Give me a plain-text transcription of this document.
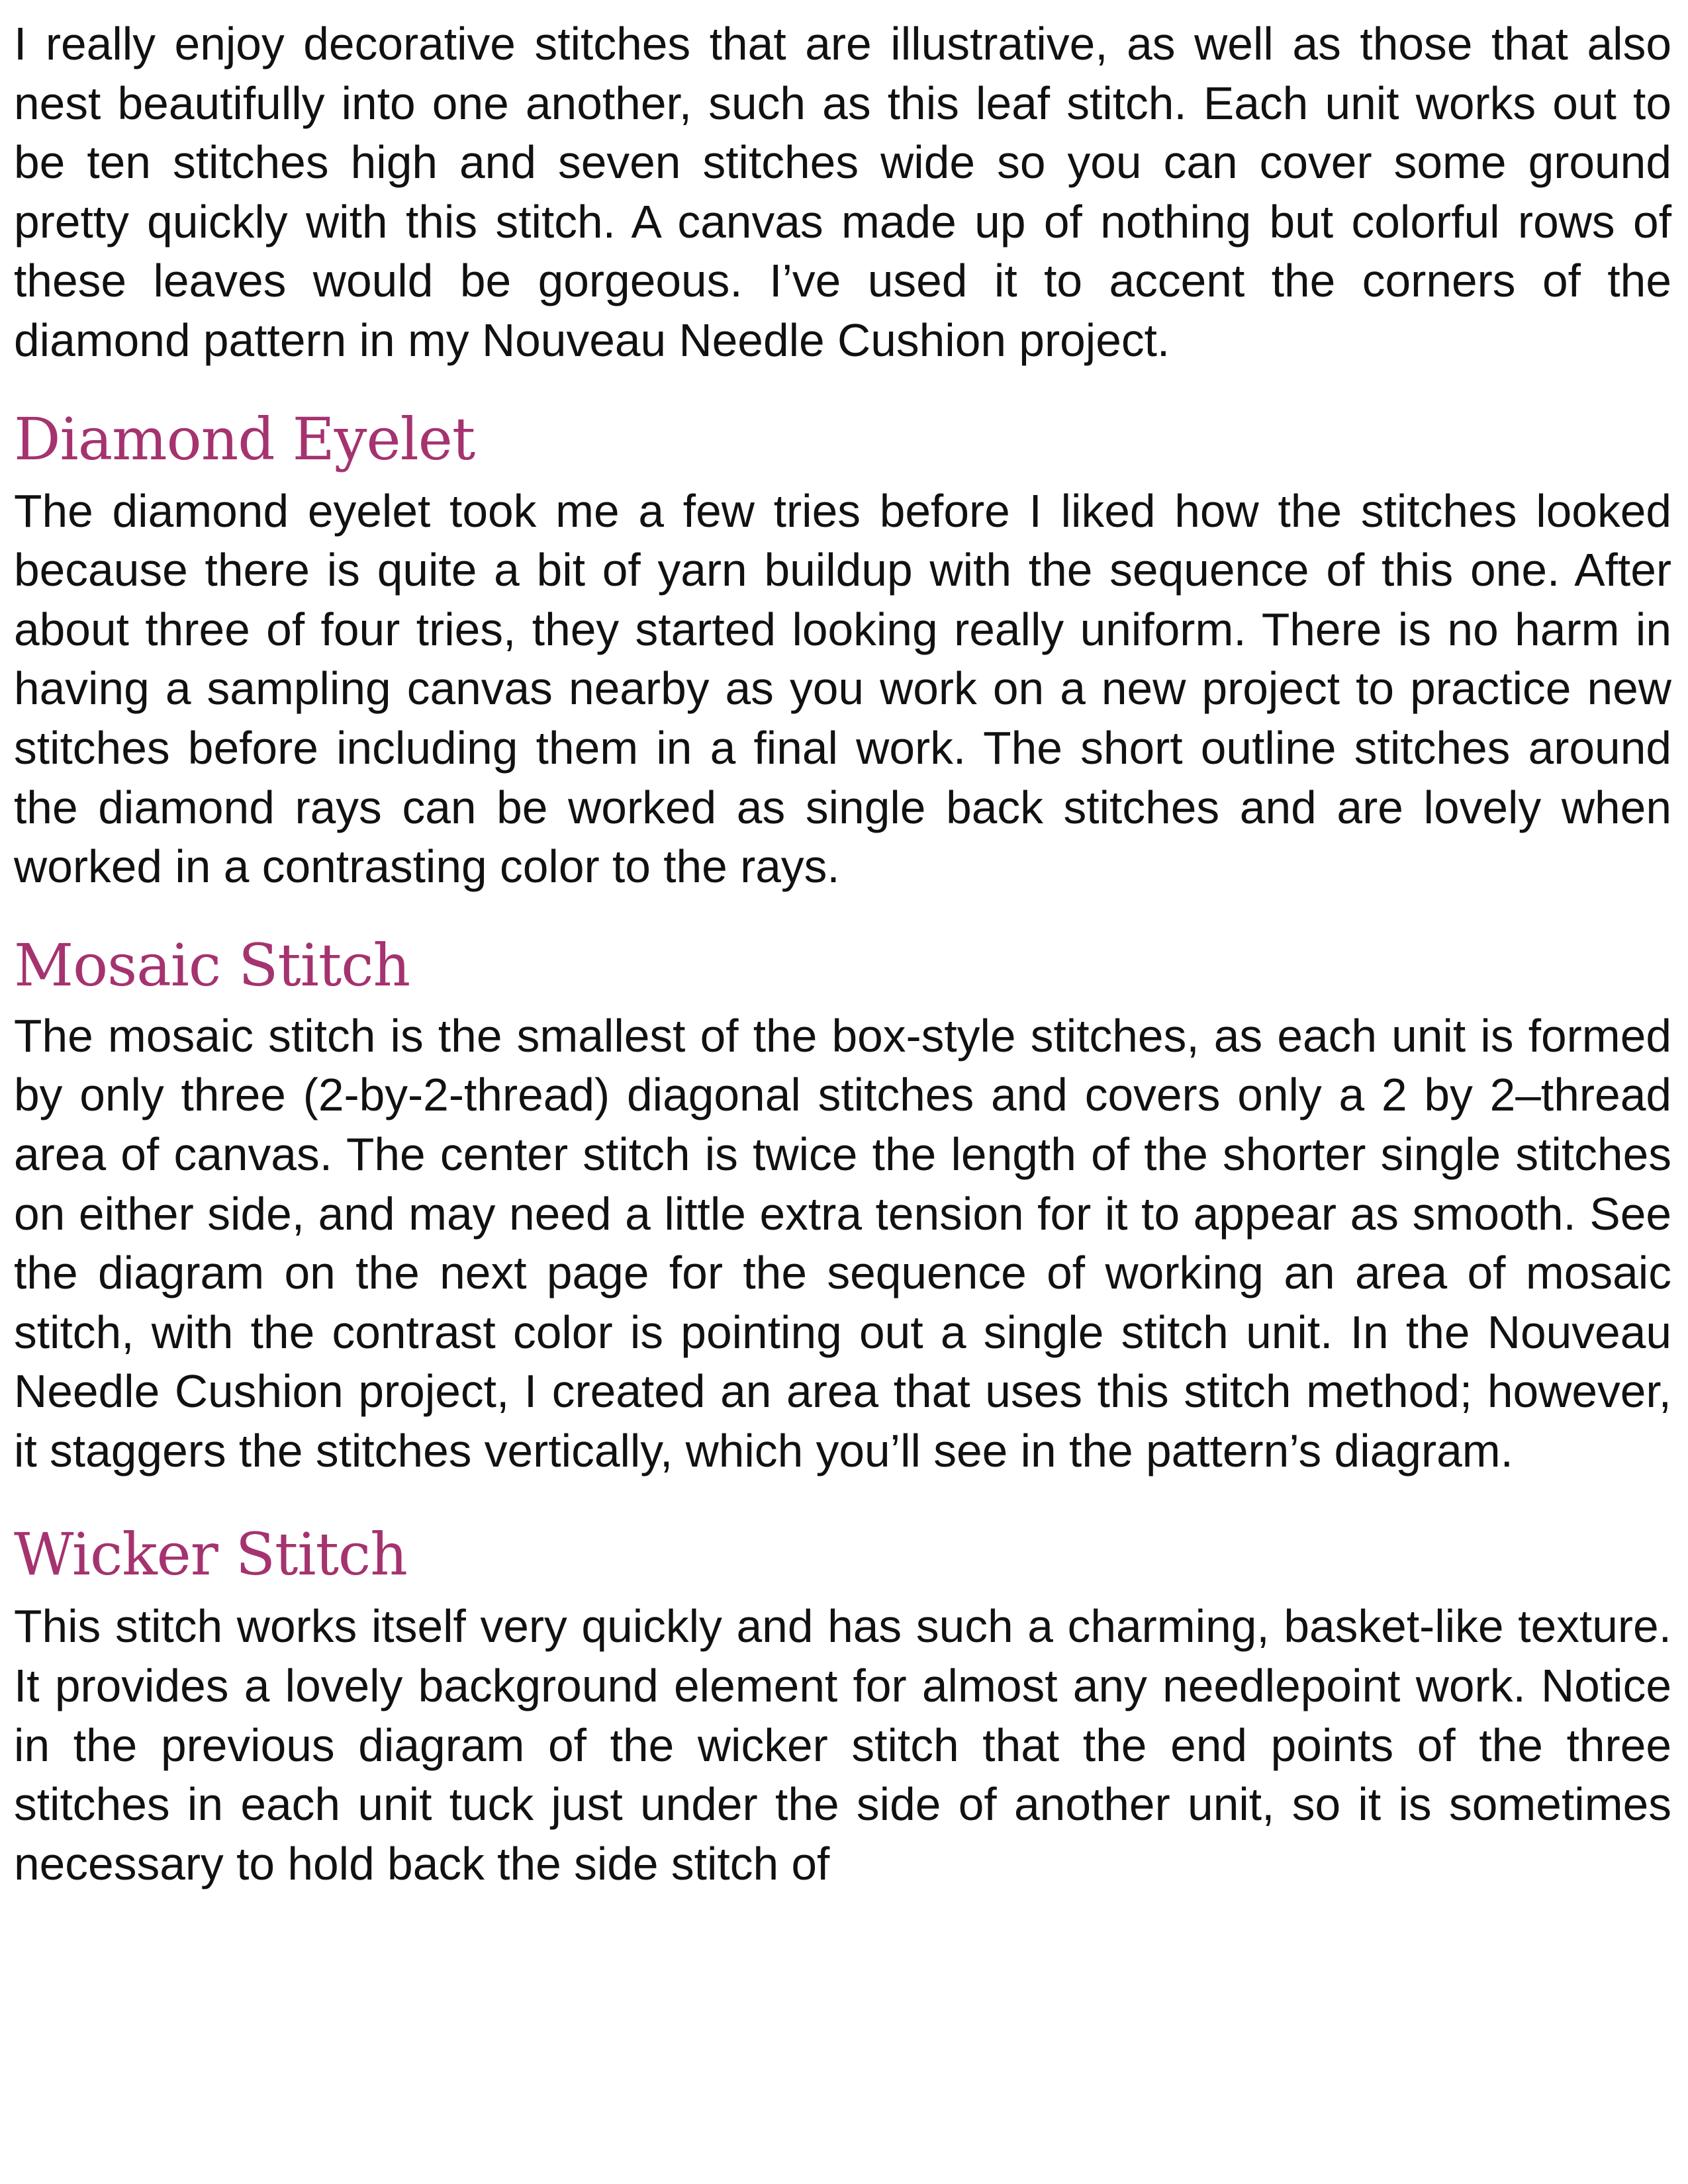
I really enjoy decorative stitches that are illustrative, as well as those that also nest beautifully into one another, such as this leaf stitch. Each unit works out to be ten stitches high and seven stitches wide so you can cover some ground pretty quickly with this stitch. A canvas made up of nothing but colorful rows of these leaves would be gorgeous. I’ve used it to accent the corners of the diamond pattern in my Nouveau Needle Cushion project.

Diamond Eyelet

The diamond eyelet took me a few tries before I liked how the stitches looked because there is quite a bit of yarn buildup with the sequence of this one. After about three of four tries, they started looking really uniform. There is no harm in having a sampling canvas nearby as you work on a new project to practice new stitches before including them in a final work. The short outline stitches around the diamond rays can be worked as single back stitches and are lovely when worked in a contrasting color to the rays.

Mosaic Stitch

The mosaic stitch is the smallest of the box-style stitches, as each unit is formed by only three (2-by-2-thread) diagonal stitches and covers only a 2 by 2–thread area of canvas. The center stitch is twice the length of the shorter single stitches on either side, and may need a little extra tension for it to appear as smooth. See the diagram on the next page for the sequence of working an area of mosaic stitch, with the contrast color is pointing out a single stitch unit. In the Nouveau Needle Cushion project, I created an area that uses this stitch method; however, it staggers the stitches vertically, which you’ll see in the pattern’s diagram.

Wicker Stitch

This stitch works itself very quickly and has such a charming, basket-like texture. It provides a lovely background element for almost any needlepoint work. Notice in the previous diagram of the wicker stitch that the end points of the three stitches in each unit tuck just under the side of another unit, so it is sometimes necessary to hold back the side stitch of
